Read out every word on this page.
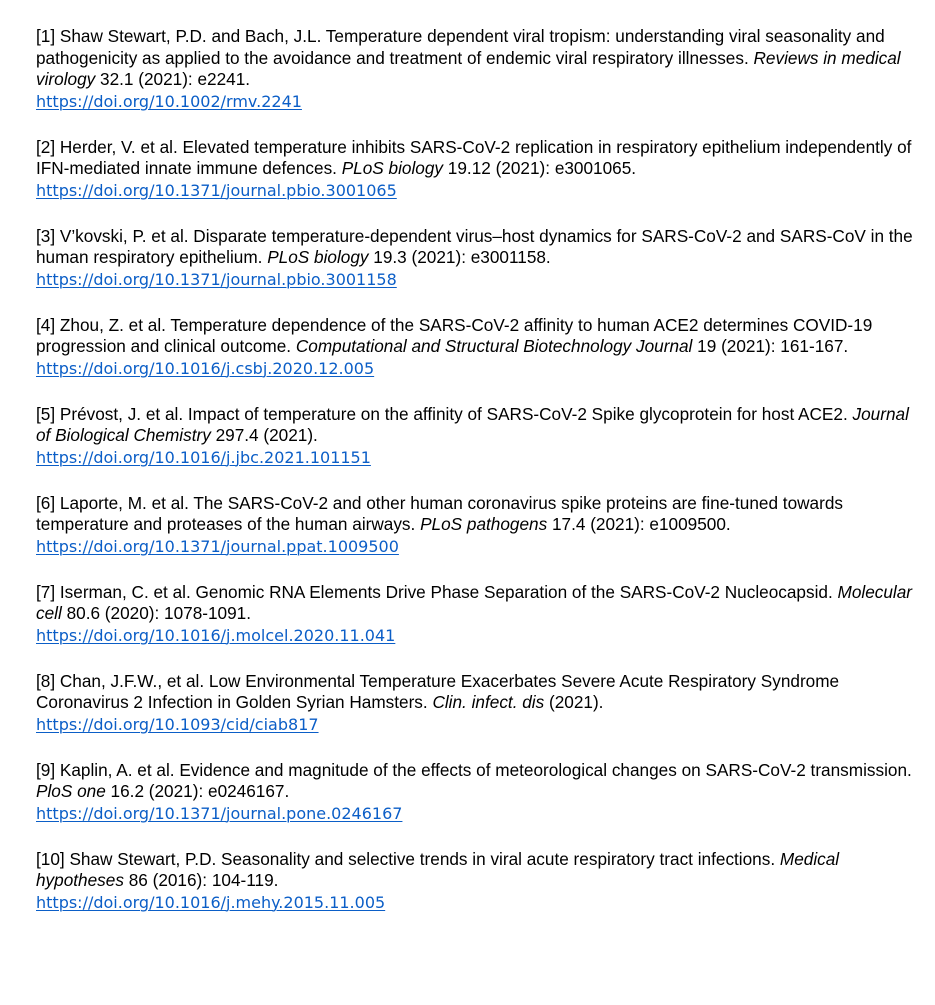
[1] Shaw Stewart, P.D. and Bach, J.L. Temperature dependent viral tropism: understanding viral seasonality and pathogenicity as applied to the avoidance and treatment of endemic viral respiratory illnesses. Reviews in medical virology 32.1 (2021): e2241.
https://doi.org/10.1002/rmv.2241

[2] Herder, V. et al. Elevated temperature inhibits SARS-CoV-2 replication in respiratory epithelium independently of IFN-mediated innate immune defences. PLoS biology 19.12 (2021): e3001065.
https://doi.org/10.1371/journal.pbio.3001065

[3] V’kovski, P. et al. Disparate temperature-dependent virus–host dynamics for SARS-CoV-2 and SARS-CoV in the human respiratory epithelium. PLoS biology 19.3 (2021): e3001158.
https://doi.org/10.1371/journal.pbio.3001158

[4] Zhou, Z. et al. Temperature dependence of the SARS-CoV-2 affinity to human ACE2 determines COVID-19 progression and clinical outcome. Computational and Structural Biotechnology Journal 19 (2021): 161-167.
https://doi.org/10.1016/j.csbj.2020.12.005

[5] Prévost, J. et al. Impact of temperature on the affinity of SARS-CoV-2 Spike glycoprotein for host ACE2. Journal of Biological Chemistry 297.4 (2021).
https://doi.org/10.1016/j.jbc.2021.101151

[6] Laporte, M. et al. The SARS-CoV-2 and other human coronavirus spike proteins are fine-tuned towards temperature and proteases of the human airways. PLoS pathogens 17.4 (2021): e1009500.
https://doi.org/10.1371/journal.ppat.1009500

[7] Iserman, C. et al. Genomic RNA Elements Drive Phase Separation of the SARS-CoV-2 Nucleocapsid. Molecular cell 80.6 (2020): 1078-1091.
https://doi.org/10.1016/j.molcel.2020.11.041

[8] Chan, J.F.W., et al. Low Environmental Temperature Exacerbates Severe Acute Respiratory Syndrome Coronavirus 2 Infection in Golden Syrian Hamsters. Clin. infect. dis (2021).
https://doi.org/10.1093/cid/ciab817

[9] Kaplin, A. et al. Evidence and magnitude of the effects of meteorological changes on SARS-CoV-2 transmission. PloS one 16.2 (2021): e0246167.
https://doi.org/10.1371/journal.pone.0246167

[10] Shaw Stewart, P.D. Seasonality and selective trends in viral acute respiratory tract infections. Medical hypotheses 86 (2016): 104-119.
https://doi.org/10.1016/j.mehy.2015.11.005
